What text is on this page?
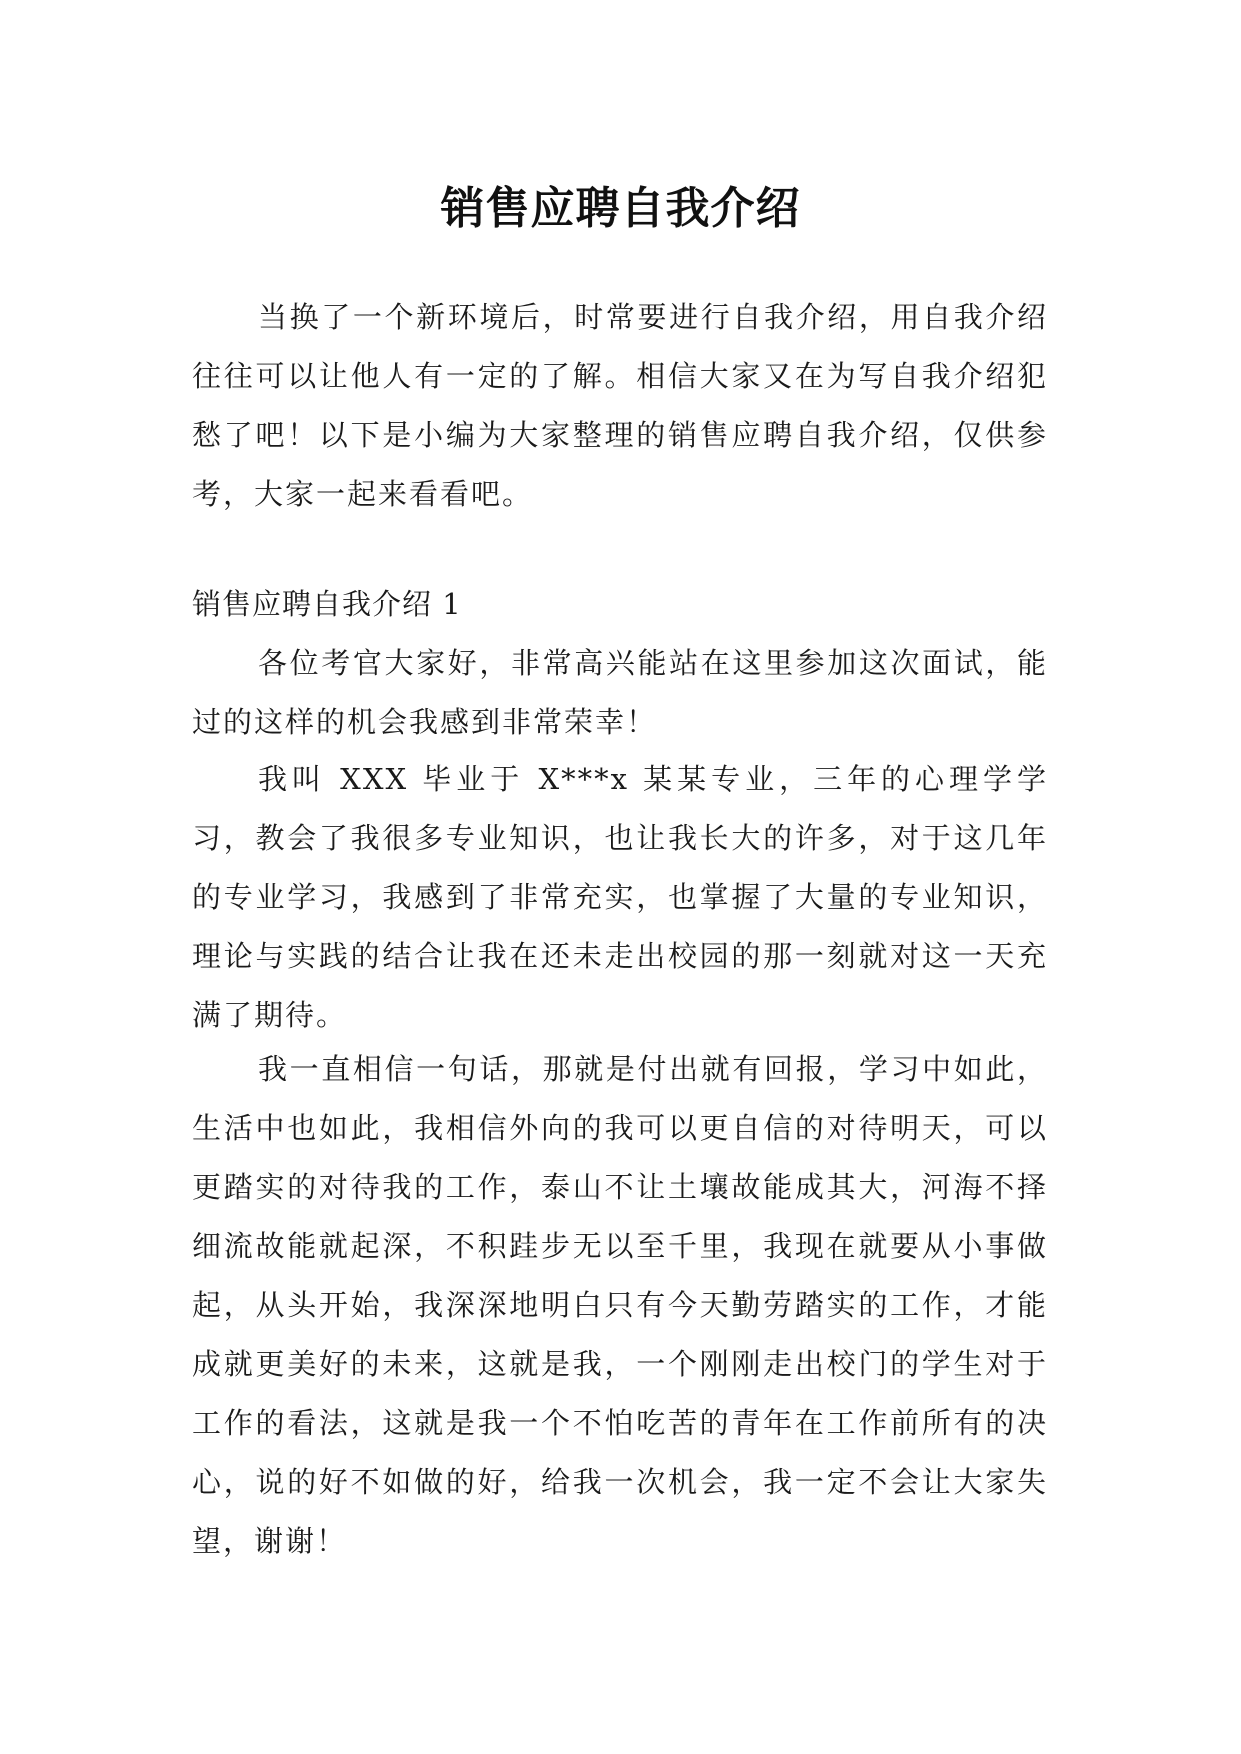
销售应聘自我介绍

当换了一个新环境后，时常要进行自我介绍，用自我介绍往往可以让他人有一定的了解。相信大家又在为写自我介绍犯愁了吧！以下是小编为大家整理的销售应聘自我介绍，仅供参考，大家一起来看看吧。

销售应聘自我介绍 1

各位考官大家好，非常高兴能站在这里参加这次面试，能过的这样的机会我感到非常荣幸！

我叫 XXX 毕业于 X***x 某某专业，三年的心理学学习，教会了我很多专业知识，也让我长大的许多，对于这几年的专业学习，我感到了非常充实，也掌握了大量的专业知识，理论与实践的结合让我在还未走出校园的那一刻就对这一天充满了期待。

我一直相信一句话，那就是付出就有回报，学习中如此，生活中也如此，我相信外向的我可以更自信的对待明天，可以更踏实的对待我的工作，泰山不让土壤故能成其大，河海不择细流故能就起深，不积跬步无以至千里，我现在就要从小事做起，从头开始，我深深地明白只有今天勤劳踏实的工作，才能成就更美好的未来，这就是我，一个刚刚走出校门的学生对于工作的看法，这就是我一个不怕吃苦的青年在工作前所有的决心，说的好不如做的好，给我一次机会，我一定不会让大家失望，谢谢！
